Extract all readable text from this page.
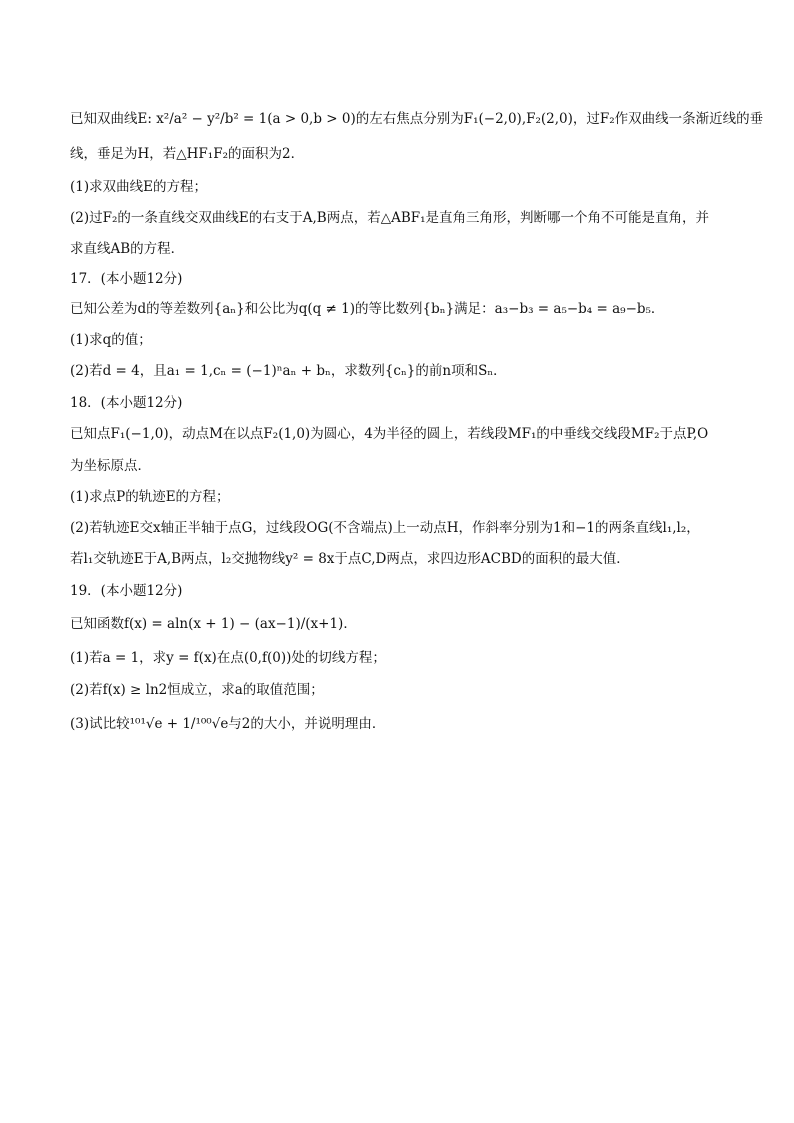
已知双曲线E: x²/a² − y²/b² = 1(a > 0,b > 0)的左右焦点分别为F₁(−2,0),F₂(2,0)，过F₂作双曲线一条渐近线的垂
线，垂足为H，若△HF₁F₂的面积为2．
(1)求双曲线E的方程；
(2)过F₂的一条直线交双曲线E的右支于A,B两点，若△ABF₁是直角三角形，判断哪一个角不可能是直角，并
求直线AB的方程．
17．(本小题12分)
已知公差为d的等差数列{aₙ}和公比为q(q ≠ 1)的等比数列{bₙ}满足：a₃−b₃ = a₅−b₄ = a₉−b₅．
(1)求q的值；
(2)若d = 4，且a₁ = 1,cₙ = (−1)ⁿaₙ + bₙ，求数列{cₙ}的前n项和Sₙ．
18．(本小题12分)
已知点F₁(−1,0)，动点M在以点F₂(1,0)为圆心，4为半径的圆上，若线段MF₁的中垂线交线段MF₂于点P,O
为坐标原点．
(1)求点P的轨迹E的方程；
(2)若轨迹E交x轴正半轴于点G，过线段OG(不含端点)上一动点H，作斜率分别为1和−1的两条直线l₁,l₂，
若l₁交轨迹E于A,B两点，l₂交抛物线y² = 8x于点C,D两点，求四边形ACBD的面积的最大值．
19．(本小题12分)
已知函数f(x) = aln(x + 1) − (ax−1)/(x+1)．
(1)若a = 1，求y = f(x)在点(0,f(0))处的切线方程；
(2)若f(x) ≥ ln2恒成立，求a的取值范围；
(3)试比较¹⁰¹√e + 1/¹⁰⁰√e与2的大小，并说明理由．
